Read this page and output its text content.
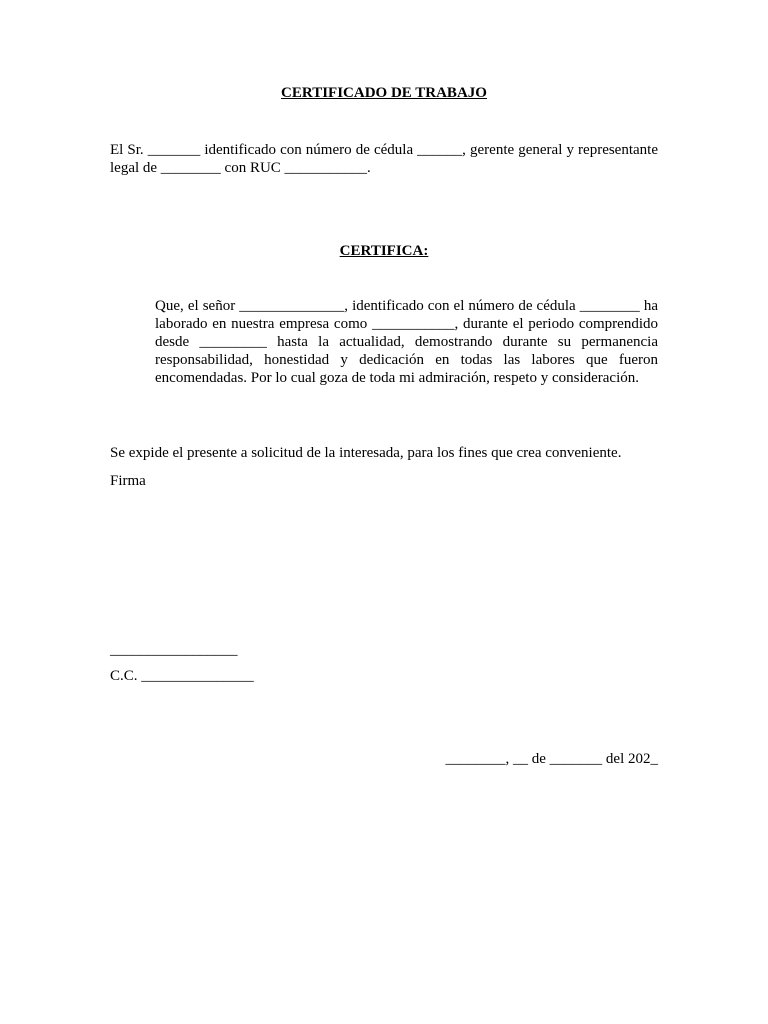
CERTIFICADO DE TRABAJO
El Sr. _______ identificado con número de cédula ______, gerente general y representante legal de ________ con RUC ___________.
CERTIFICA:
Que, el señor ______________, identificado con el número de cédula ________ ha laborado en nuestra empresa como ___________, durante el periodo comprendido desde _________ hasta la actualidad, demostrando durante su permanencia responsabilidad, honestidad y dedicación en todas las labores que fueron encomendadas. Por lo cual goza de toda mi admiración, respeto y consideración.
Se expide el presente a solicitud de la interesada, para los fines que crea conveniente.
Firma
_________________
C.C. _______________
________, __ de _______ del 202_
